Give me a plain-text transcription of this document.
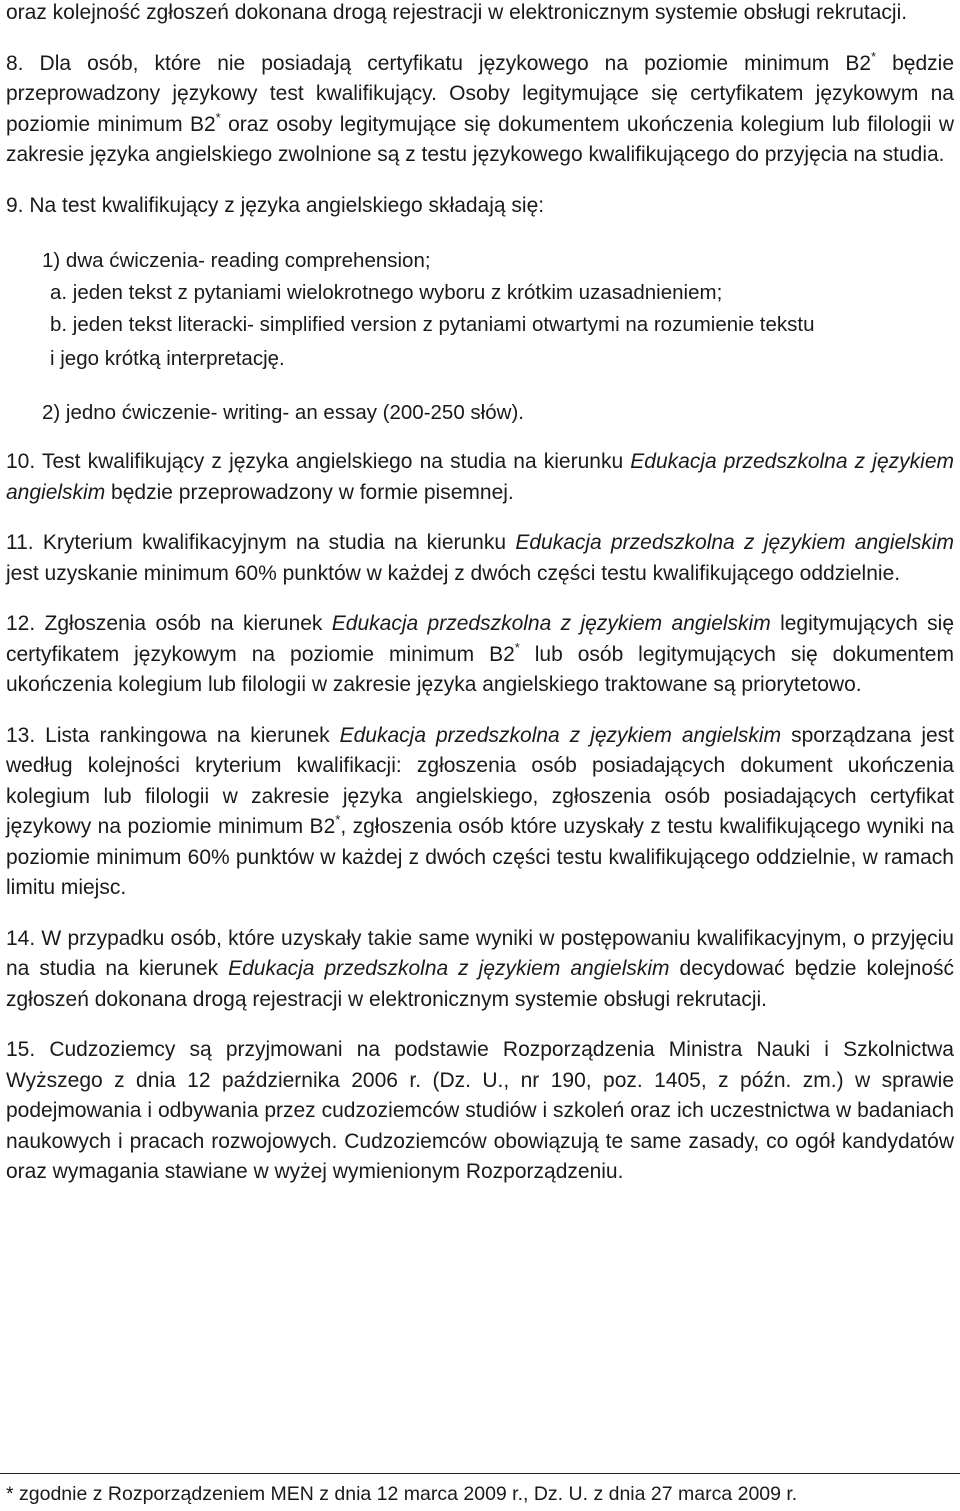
oraz kolejność zgłoszeń dokonana drogą rejestracji w elektronicznym systemie obsługi rekrutacji.

8. Dla osób, które nie posiadają certyfikatu językowego na poziomie minimum B2* będzie przeprowadzony językowy test kwalifikujący. Osoby legitymujące się certyfikatem językowym na poziomie minimum B2* oraz osoby legitymujące się dokumentem ukończenia kolegium lub filologii w zakresie języka angielskiego zwolnione są z testu językowego kwalifikującego do przyjęcia na studia.

9. Na test kwalifikujący z języka angielskiego składają się:

1) dwa ćwiczenia- reading comprehension;

a. jeden tekst z pytaniami wielokrotnego wyboru z krótkim uzasadnieniem;

b. jeden tekst literacki- simplified version z pytaniami otwartymi na rozumienie tekstu
i jego krótką interpretację.

2) jedno ćwiczenie- writing- an essay (200-250 słów).

10. Test kwalifikujący z języka angielskiego na studia na kierunku Edukacja przedszkolna z językiem angielskim będzie przeprowadzony w formie pisemnej.

11. Kryterium kwalifikacyjnym na studia na kierunku Edukacja przedszkolna z językiem angielskim jest uzyskanie minimum 60% punktów w każdej z dwóch części testu kwalifikującego oddzielnie.

12. Zgłoszenia osób na kierunek Edukacja przedszkolna z językiem angielskim legitymujących się certyfikatem językowym na poziomie minimum B2* lub osób legitymujących się dokumentem ukończenia kolegium lub filologii w zakresie języka angielskiego traktowane są priorytetowo.

13. Lista rankingowa na kierunek Edukacja przedszkolna z językiem angielskim sporządzana jest według kolejności kryterium kwalifikacji: zgłoszenia osób posiadających dokument ukończenia kolegium lub filologii w zakresie języka angielskiego, zgłoszenia osób posiadających certyfikat językowy na poziomie minimum B2*, zgłoszenia osób które uzyskały z testu kwalifikującego wyniki na poziomie minimum 60% punktów w każdej z dwóch części testu kwalifikującego oddzielnie, w ramach limitu miejsc.

14. W przypadku osób, które uzyskały takie same wyniki w postępowaniu kwalifikacyjnym, o przyjęciu na studia na kierunek Edukacja przedszkolna z językiem angielskim decydować będzie kolejność zgłoszeń dokonana drogą rejestracji w elektronicznym systemie obsługi rekrutacji.

15. Cudzoziemcy są przyjmowani na podstawie Rozporządzenia Ministra Nauki i Szkolnictwa Wyższego z dnia 12 października 2006 r. (Dz. U., nr 190, poz. 1405, z późn. zm.) w sprawie podejmowania i odbywania przez cudzoziemców studiów i szkoleń oraz ich uczestnictwa w badaniach naukowych i pracach rozwojowych. Cudzoziemców obowiązują te same zasady, co ogół kandydatów oraz wymagania stawiane w wyżej wymienionym Rozporządzeniu.

* zgodnie z Rozporządzeniem MEN z dnia 12 marca 2009 r., Dz. U. z dnia 27 marca 2009 r.
